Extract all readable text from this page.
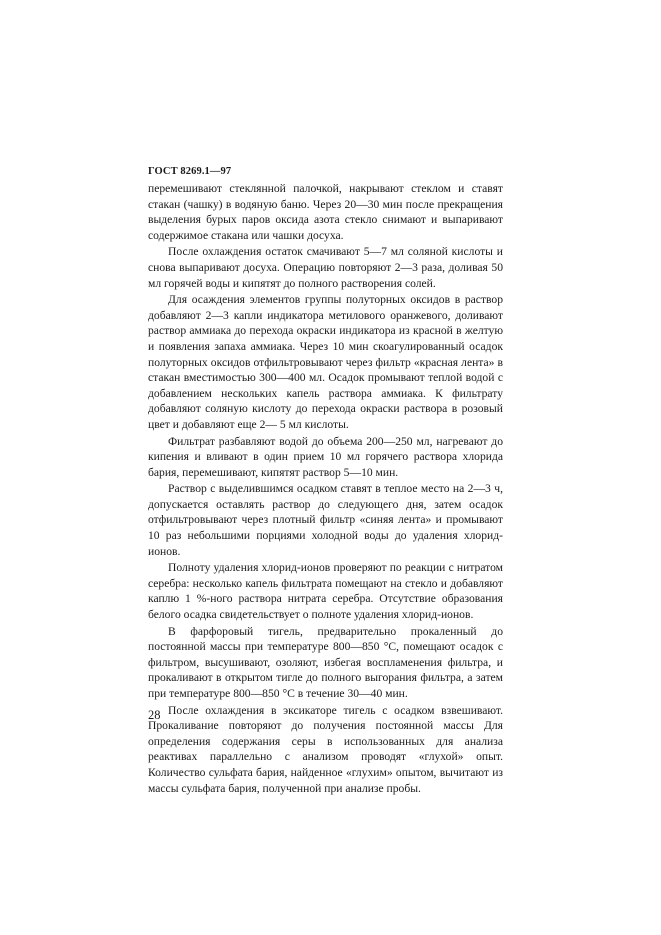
ГОСТ 8269.1—97

перемешивают стеклянной палочкой, накрывают стеклом и ставят стакан (чашку) в водяную баню. Через 20—30 мин после прекращения выделения бурых паров оксида азота стекло снимают и выпаривают содержимое стакана или чашки досуха.

После охлаждения остаток смачивают 5—7 мл соляной кислоты и снова выпаривают досуха. Операцию повторяют 2—3 раза, доливая 50 мл горячей воды и кипятят до полного растворения солей.

Для осаждения элементов группы полуторных оксидов в раствор добавляют 2—3 капли индикатора метилового оранжевого, доливают раствор аммиака до перехода окраски индикатора из красной в желтую и появления запаха аммиака. Через 10 мин скоагулированный осадок полуторных оксидов отфильтровывают через фильтр «красная лента» в стакан вместимостью 300—400 мл. Осадок промывают теплой водой с добавлением нескольких капель раствора аммиака. К фильтрату добавляют соляную кислоту до перехода окраски раствора в розовый цвет и добавляют еще 2— 5 мл кислоты.

Фильтрат разбавляют водой до объема 200—250 мл, нагревают до кипения и вливают в один прием 10 мл горячего раствора хлорида бария, перемешивают, кипятят раствор 5—10 мин.

Раствор с выделившимся осадком ставят в теплое место на 2—3 ч, допускается оставлять раствор до следующего дня, затем осадок отфильтровывают через плотный фильтр «синяя лента» и промывают 10 раз небольшими порциями холодной воды до удаления хлорид-ионов.

Полноту удаления хлорид-ионов проверяют по реакции с нитратом серебра: несколько капель фильтрата помещают на стекло и добавляют каплю 1 %-ного раствора нитрата серебра. Отсутствие образования белого осадка свидетельствует о полноте удаления хлорид-ионов.

В фарфоровый тигель, предварительно прокаленный до постоянной массы при температуре 800—850 °С, помещают осадок с фильтром, высушивают, озоляют, избегая воспламенения фильтра, и прокаливают в открытом тигле до полного выгорания фильтра, а затем при температуре 800—850 °С в течение 30—40 мин.

После охлаждения в эксикаторе тигель с осадком взвешивают. Прокаливание повторяют до получения постоянной массы Для определения содержания серы в использованных для анализа реактивах параллельно с анализом проводят «глухой» опыт. Количество сульфата бария, найденное «глухим» опытом, вычитают из массы сульфата бария, полученной при анализе пробы.

28
